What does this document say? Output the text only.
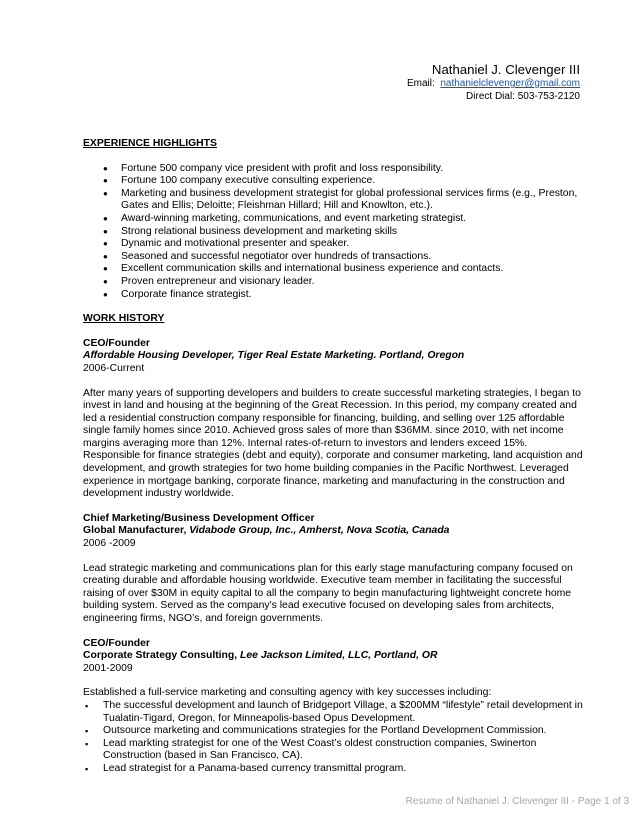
Nathaniel J. Clevenger III
Email: nathanielclevenger@gmail.com
Direct Dial: 503-753-2120
EXPERIENCE HIGHLIGHTS
● Fortune 500 company vice president with profit and loss responsibility.
● Fortune 100 company executive consulting experience.
● Marketing and business development strategist for global professional services firms (e.g., Preston, Gates and Ellis; Deloitte; Fleishman Hillard; Hill and Knowlton, etc.).
● Award-winning marketing, communications, and event marketing strategist.
● Strong relational business development and marketing skills
● Dynamic and motivational presenter and speaker.
● Seasoned and successful negotiator over hundreds of transactions.
● Excellent communication skills and international business experience and contacts.
● Proven entrepreneur and visionary leader.
● Corporate finance strategist.
WORK HISTORY
CEO/Founder
Affordable Housing Developer, Tiger Real Estate Marketing. Portland, Oregon
2006-Current
After many years of supporting developers and builders to create successful marketing strategies, I began to invest in land and housing at the beginning of the Great Recession. In this period, my company created and led a residential construction company responsible for financing, building, and selling over 125 affordable single family homes since 2010. Achieved gross sales of more than $36MM. since 2010, with net income margins averaging more than 12%. Internal rates-of-return to investors and lenders exceed 15%. Responsible for finance strategies (debt and equity), corporate and consumer marketing, land acquistion and development, and growth strategies for two home building companies in the Pacific Northwest. Leveraged experience in mortgage banking, corporate finance, marketing and manufacturing in the construction and development industry worldwide.
Chief Marketing/Business Development Officer
Global Manufacturer, Vidabode Group, Inc., Amherst, Nova Scotia, Canada
2006 -2009
Lead strategic marketing and communications plan for this early stage manufacturing company focused on creating durable and affordable housing worldwide. Executive team member in facilitating the successful raising of over $30M in equity capital to all the company to begin manufacturing lightweight concrete home building system. Served as the company’s lead executive focused on developing sales from architects, engineering firms, NGO’s, and foreign governments.
CEO/Founder
Corporate Strategy Consulting, Lee Jackson Limited, LLC, Portland, OR
2001-2009
Established a full-service marketing and consulting agency with key successes including:
▪ The successful development and launch of Bridgeport Village, a $200MM “lifestyle” retail development in Tualatin-Tigard, Oregon, for Minneapolis-based Opus Development.
▪ Outsource marketing and communications strategies for the Portland Development Commission.
▪ Lead markting strategist for one of the West Coast’s oldest construction companies, Swinerton Construction (based in San Francisco, CA).
▪ Lead strategist for a Panama-based currency transmittal program.
Resume of Nathaniel J. Clevenger III - Page 1 of 3
